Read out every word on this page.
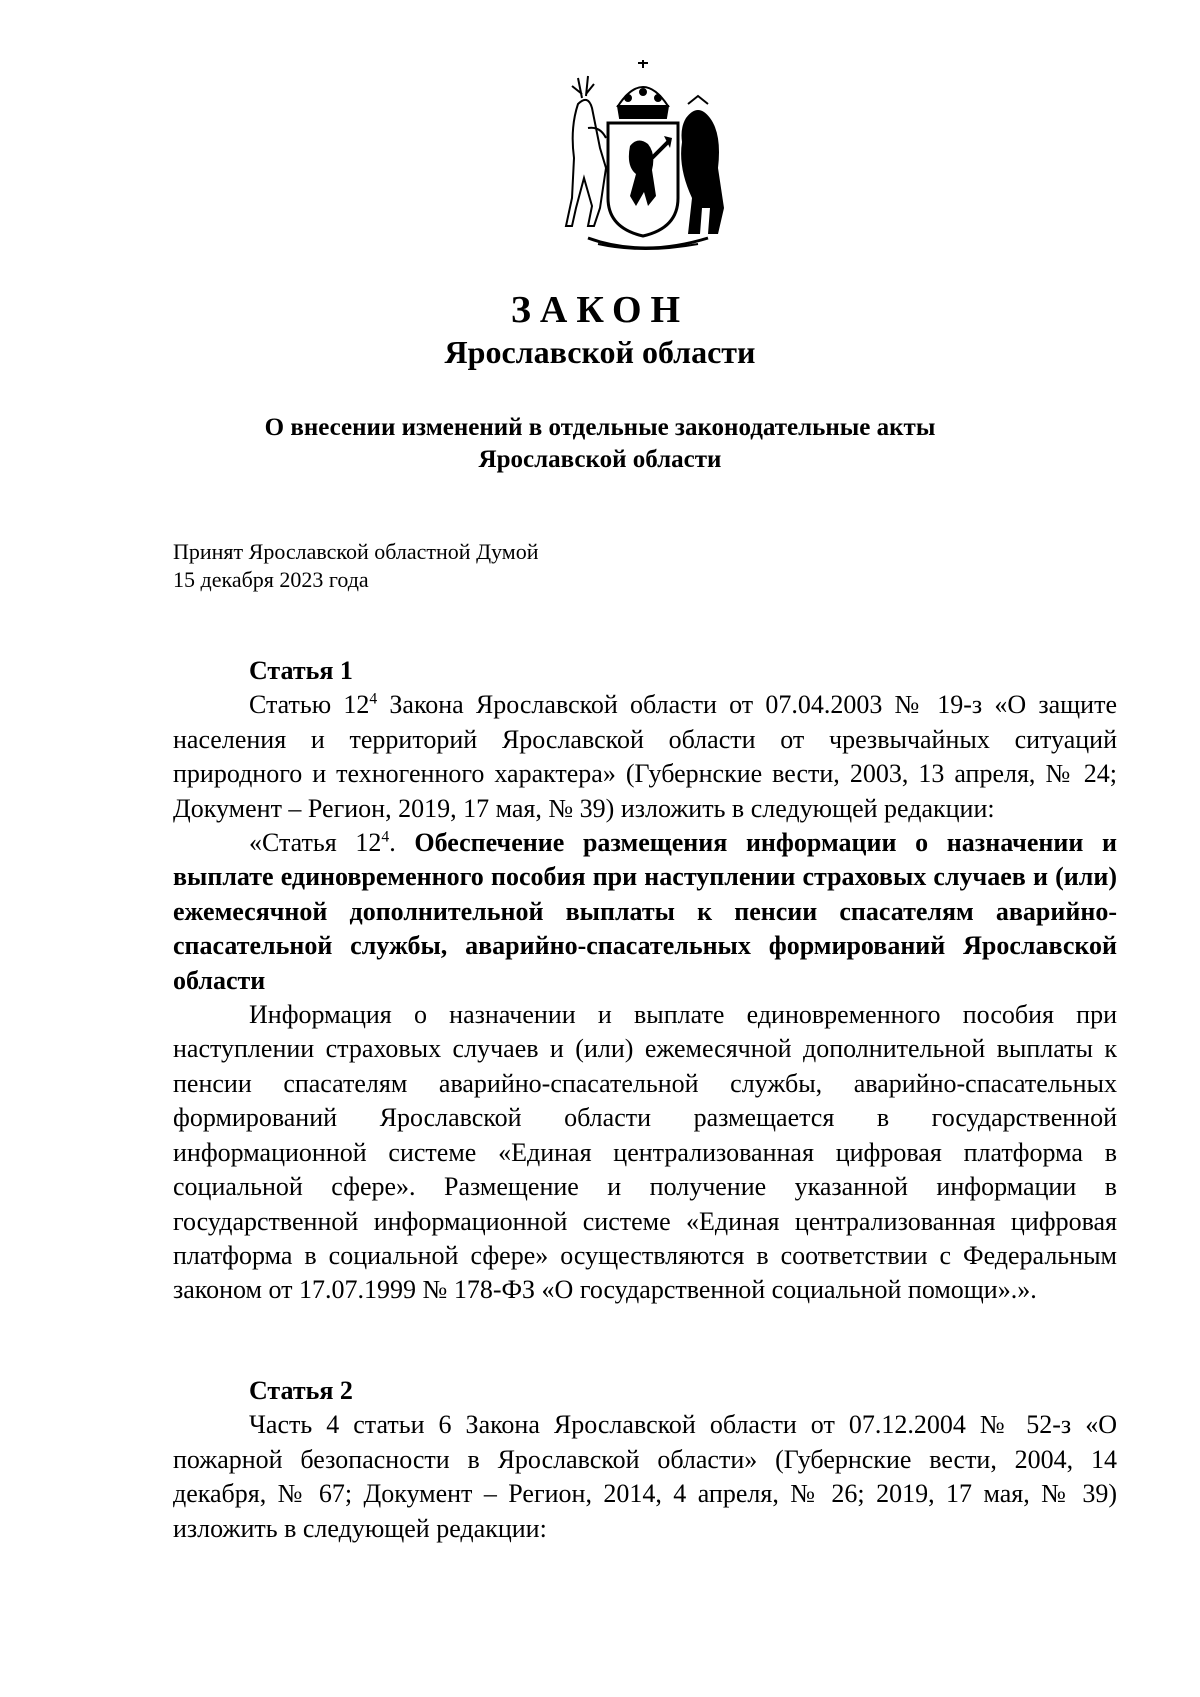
ЗАКОН
Ярославской области
О внесении изменений в отдельные законодательные акты
Ярославской области
Принят Ярославской областной Думой
15 декабря 2023 года
Статья 1

Статью $12^4$ Закона Ярославской области от 07.04.2003 № 19-з «О защите населения и территорий Ярославской области от чрезвычайных ситуаций природного и техногенного характера» (Губернские вести, 2003, 13 апреля, № 24; Документ – Регион, 2019, 17 мая, № 39) изложить в следующей редакции:

«Статья $12^4$. Обеспечение размещения информации о назначении и выплате единовременного пособия при наступлении страховых случаев и (или) ежемесячной дополнительной выплаты к пенсии спасателям аварийно-спасательной службы, аварийно-спасательных формирований Ярославской области

Информация о назначении и выплате единовременного пособия при наступлении страховых случаев и (или) ежемесячной дополнительной выплаты к пенсии спасателям аварийно-спасательной службы, аварийно-спасательных формирований Ярославской области размещается в государственной информационной системе «Единая централизованная цифровая платформа в социальной сфере». Размещение и получение указанной информации в государственной информационной системе «Единая централизованная цифровая платформа в социальной сфере» осуществляются в соответствии с Федеральным законом от 17.07.1999 № 178-ФЗ «О государственной социальной помощи».».

Статья 2

Часть 4 статьи 6 Закона Ярославской области от 07.12.2004 № 52-з «О пожарной безопасности в Ярославской области» (Губернские вести, 2004, 14 декабря, № 67; Документ – Регион, 2014, 4 апреля, № 26; 2019, 17 мая, № 39) изложить в следующей редакции:
